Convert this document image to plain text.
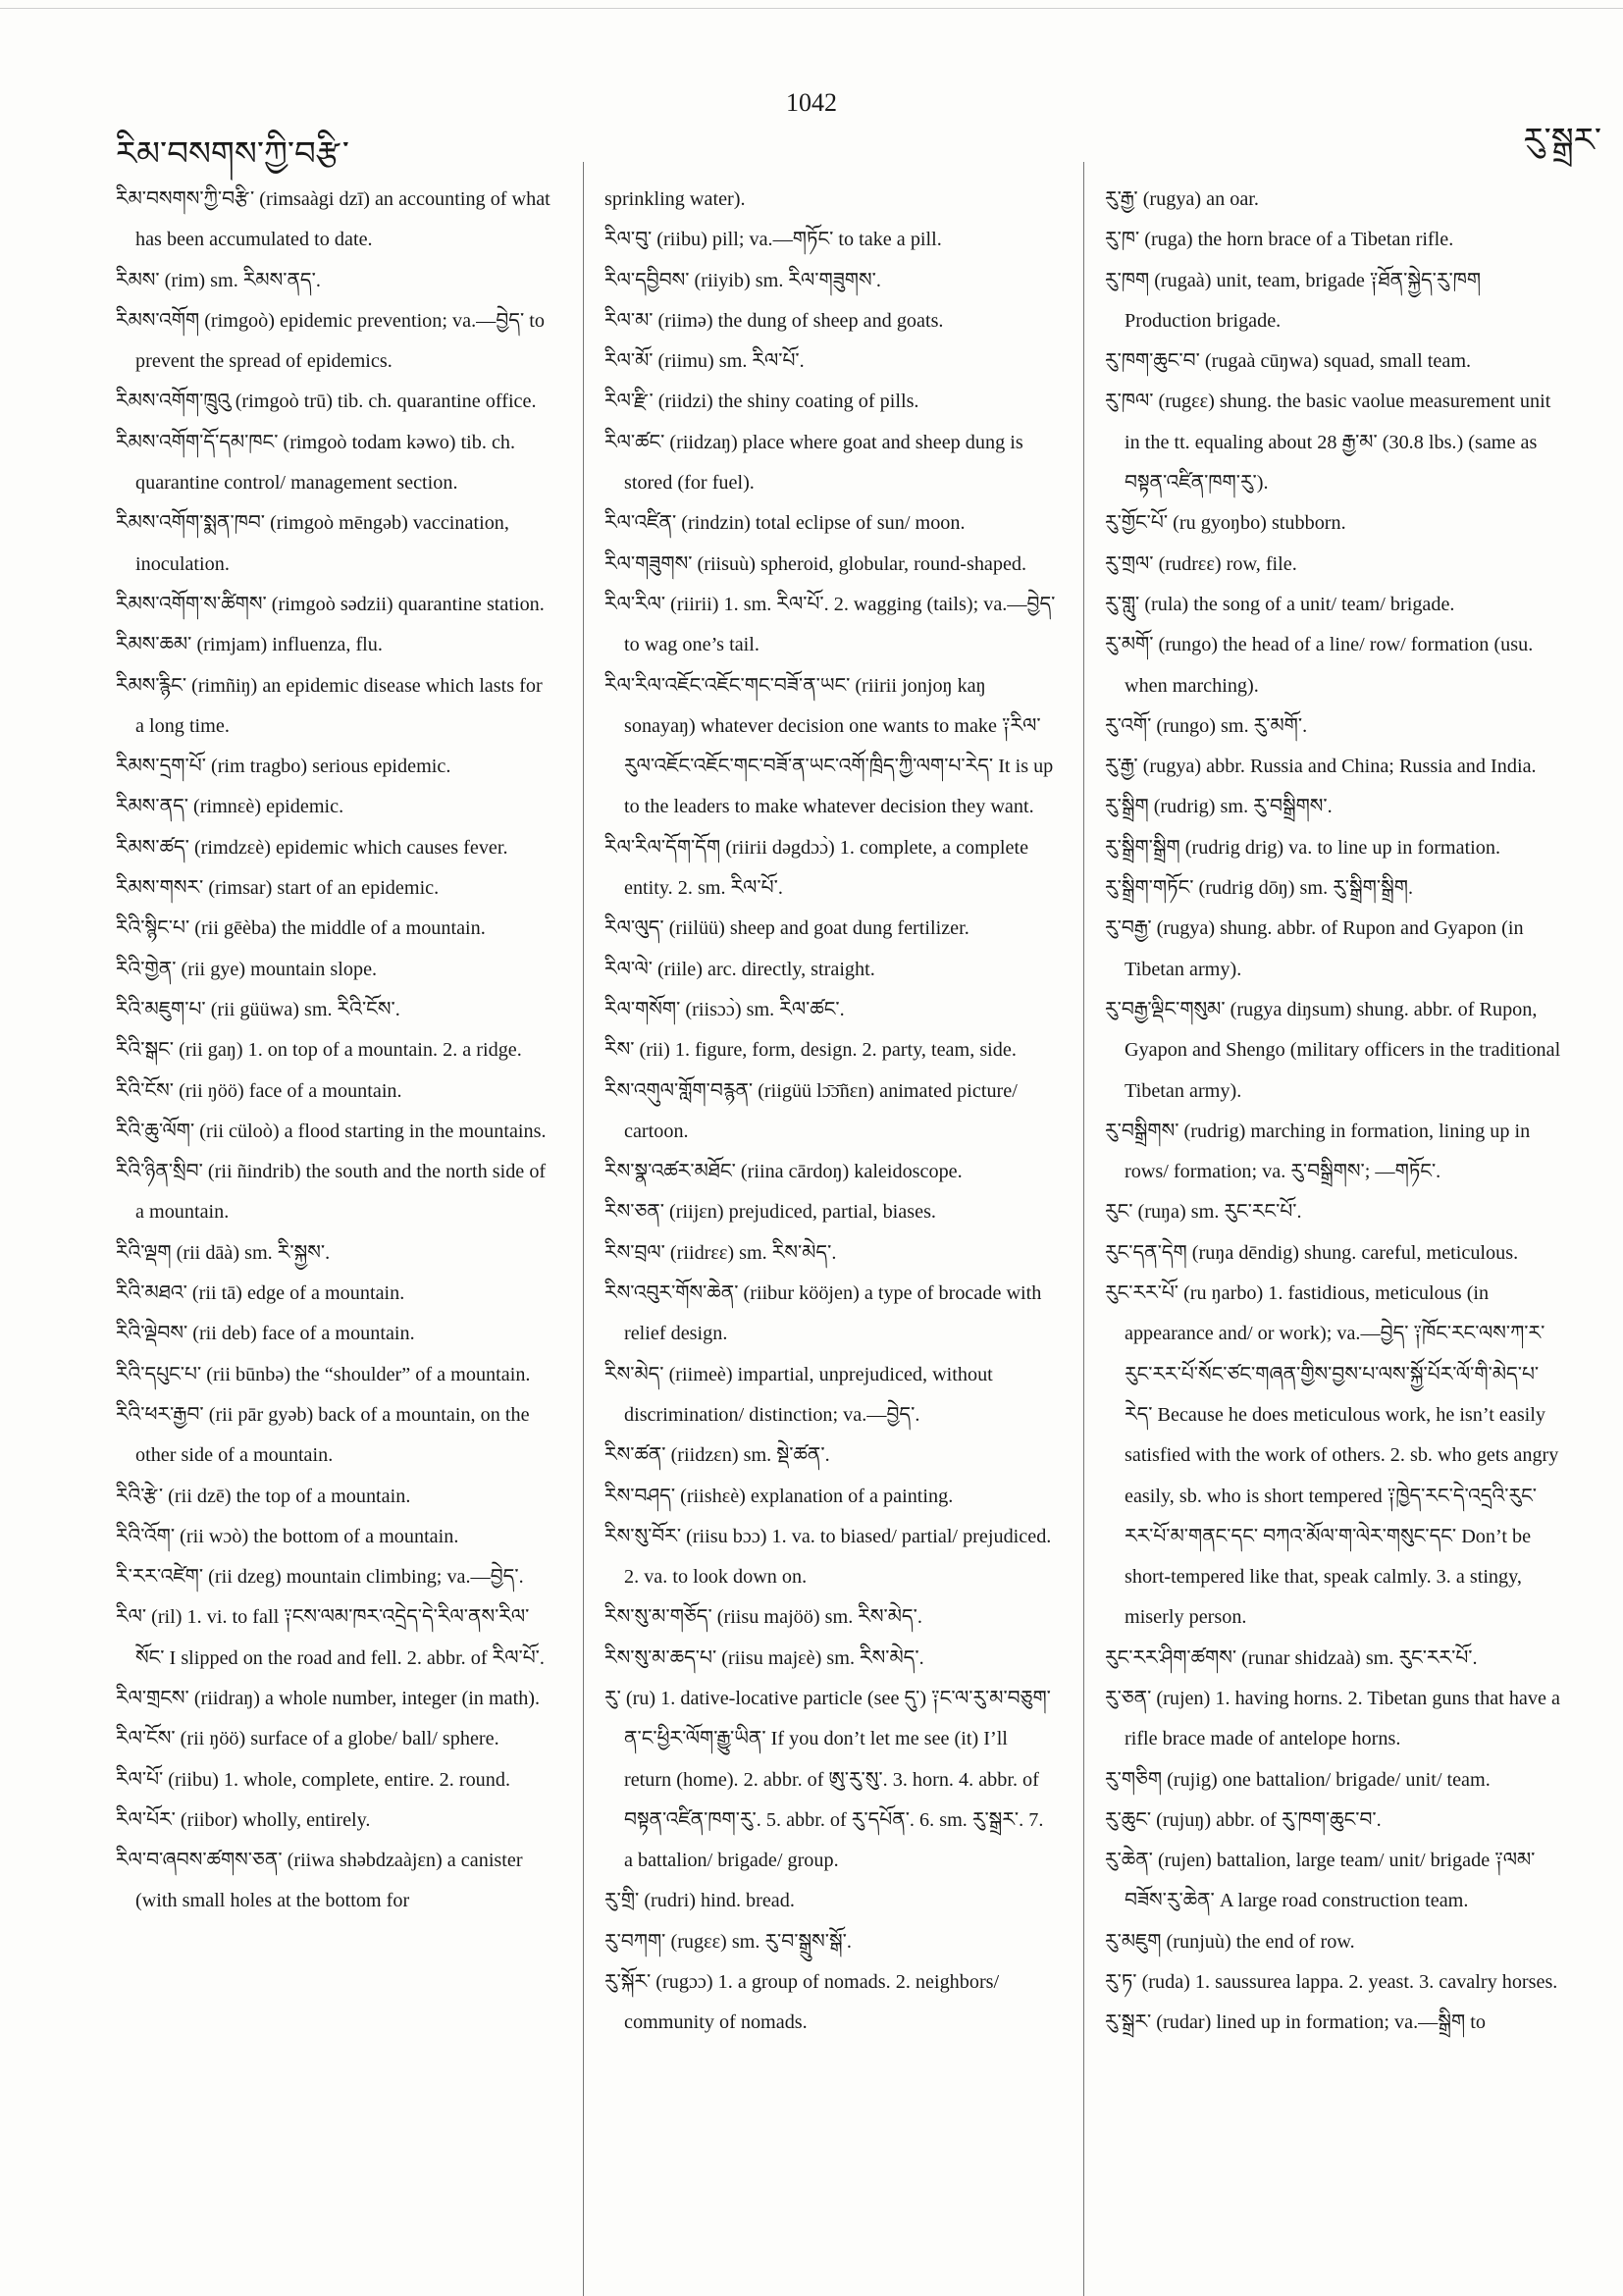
རིམ་བསགས་ཀྱི་བརྩི་
1042
རུ་སྒྲར་

རིམ་བསགས་ཀྱི་བརྩི་ (rimsaàgi dzī) an accounting of what has been accumulated to date.

རིམས་ (rim) sm. རིམས་ནད་.

རིམས་འགོག (rimgoò) epidemic prevention; va.—བྱེད་ to prevent the spread of epidemics.

རིམས་འགོག་ཁྲུའུ (rimgoò trū) tib. ch. quarantine office.

རིམས་འགོག་དོ་དམ་ཁང་ (rimgoò todam kəwo) tib. ch. quarantine control/ management section.

རིམས་འགོག་སྨན་ཁབ་ (rimgoò mēngəb) vaccination, inoculation.

རིམས་འགོག་ས་ཚིགས་ (rimgoò sədzii) quarantine station.

རིམས་ཆམ་ (rimjam) influenza, flu.

རིམས་རྙིང་ (rimñiŋ) an epidemic disease which lasts for a long time.

རིམས་དྲག་པོ་ (rim tragbo) serious epidemic.

རིམས་ནད་ (rimnεè) epidemic.

རིམས་ཚད་ (rimdzεè) epidemic which causes fever.

རིམས་གསར་ (rimsar) start of an epidemic.

རིའི་སྙིང་པ་ (rii gēèba) the middle of a mountain.

རིའི་གྱེན་ (rii gye) mountain slope.

རིའི་མཇུག་པ་ (rii güüwa) sm. རིའི་ངོས་.

རིའི་སྒང་ (rii gaŋ) 1. on top of a mountain. 2. a ridge.

རིའི་ངོས་ (rii ŋöö) face of a mountain.

རིའི་ཆུ་ལོག་ (rii cüloò) a flood starting in the mountains.

རིའི་ཉིན་སྲིབ་ (rii ñindrib) the south and the north side of a mountain.

རིའི་ལྡག (rii dāà) sm. རི་སྐྱས་.

རིའི་མཐའ་ (rii tā) edge of a mountain.

རིའི་ལྡེབས་ (rii deb) face of a mountain.

རིའི་དཔུང་པ་ (rii būnbə) the “shoulder” of a mountain.

རིའི་ཕར་རྒྱབ་ (rii pār gyəb) back of a mountain, on the other side of a mountain.

རིའི་རྩེ་ (rii dzē) the top of a mountain.

རིའི་འོག་ (rii wɔò) the bottom of a mountain.

རི་རར་འཛེག་ (rii dzeg) mountain climbing; va.—བྱེད་.

རིལ་ (ril) 1. vi. to fall ༑ངས་ལམ་ཁར་འདྲེད་དེ་རིལ་ནས་རིལ་སོང་ I slipped on the road and fell. 2. abbr. of རིལ་པོ་.

རིལ་གྲངས་ (riidraŋ) a whole number, integer (in math).

རིལ་ངོས་ (rii ŋöö) surface of a globe/ ball/ sphere.

རིལ་པོ་ (riibu) 1. whole, complete, entire. 2. round.

རིལ་པོར་ (riibor) wholly, entirely.

རིལ་བ་ཞབས་ཚགས་ཅན་ (riiwa shəbdzaàjεn) a canister (with small holes at the bottom for

sprinkling water).

རིལ་བུ་ (riibu) pill; va.—གཏོང་ to take a pill.

རིལ་དབྱིབས་ (riiyib) sm. རིལ་གཟུགས་.

རིལ་མ་ (riimə) the dung of sheep and goats.

རིལ་མོ་ (riimu) sm. རིལ་པོ་.

རིལ་རྫི་ (riidzi) the shiny coating of pills.

རིལ་ཚང་ (riidzaŋ) place where goat and sheep dung is stored (for fuel).

རིལ་འཛིན་ (rindzin) total eclipse of sun/ moon.

རིལ་གཟུགས་ (riisuù) spheroid, globular, round-shaped.

རིལ་རིལ་ (riirii) 1. sm. རིལ་པོ་. 2. wagging (tails); va.—བྱེད་ to wag one’s tail.

རིལ་རིལ་འཇོང་འཇོང་གང་བཟོ་ན་ཡང་ (riirii jonjoŋ kaŋ sonayaŋ) whatever decision one wants to make ༑རིལ་རུལ་འཇོང་འཇོང་གང་བཟོ་ན་ཡང་འགོ་ཁྲིད་ཀྱི་ལག་པ་རེད་ It is up to the leaders to make whatever decision they want.

རིལ་རིལ་དོག་དོག (riirii dəgdɔɔ̀) 1. complete, a complete entity. 2. sm. རིལ་པོ་.

རིལ་ལུད་ (riilüü) sheep and goat dung fertilizer.

རིལ་ལེ་ (riile) arc. directly, straight.

རིལ་གསོག་ (riisɔɔ̀) sm. རིལ་ཚང་.

རིས་ (rii) 1. figure, form, design. 2. party, team, side.

རིས་འགུལ་གློག་བརྙན་ (riigüü lɔ̄ɔ̄ñεn) animated picture/ cartoon.

རིས་སྣ་འཚར་མཐོང་ (riina cārdoŋ) kaleidoscope.

རིས་ཅན་ (riijεn) prejudiced, partial, biases.

རིས་བྲལ་ (riidrεε) sm. རིས་མེད་.

རིས་འབུར་གོས་ཆེན་ (riibur kööjen) a type of brocade with relief design.

རིས་མེད་ (riimeè) impartial, unprejudiced, without discrimination/ distinction; va.—བྱེད་.

རིས་ཚན་ (riidzεn) sm. སྡེ་ཚན་.

རིས་བཤད་ (riishεè) explanation of a painting.

རིས་སུ་བོར་ (riisu bɔɔ) 1. va. to biased/ partial/ prejudiced. 2. va. to look down on.

རིས་སུ་མ་གཅོད་ (riisu majöö) sm. རིས་མེད་.

རིས་སུ་མ་ཆད་པ་ (riisu majεè) sm. རིས་མེད་.

རུ་ (ru) 1. dative-locative particle (see དུ་) ༑ང་ལ་རུ་མ་བཅུག་ན་ང་ཕྱིར་ལོག་རྒྱུ་ཡིན་ If you don’t let me see (it) I’ll return (home). 2. abbr. of ཨུ་རུ་སུ་. 3. horn. 4. abbr. of བསྟན་འཛིན་ཁག་རུ་. 5. abbr. of རུ་དཔོན་. 6. sm. རུ་སྒྲར་. 7. a battalion/ brigade/ group.

རུ་གྲི་ (rudri) hind. bread.

རུ་བཀག་ (rugεε) sm. རུ་བ་སྒྲུས་སྒོ་.

རུ་སྐོར་ (rugɔɔ) 1. a group of nomads. 2. neighbors/ community of nomads.

རུ་རྒྱ་ (rugya) an oar.

རུ་ཁ་ (ruga) the horn brace of a Tibetan rifle.

རུ་ཁག (rugaà) unit, team, brigade ༑ཐོན་སྐྱེད་རུ་ཁག Production brigade.

རུ་ཁག་ཆུང་བ་ (rugaà cūŋwa) squad, small team.

རུ་ཁལ་ (rugεε) shung. the basic vaolue measurement unit in the tt. equaling about 28 རྒྱ་མ་ (30.8 lbs.) (same as བསྟན་འཛིན་ཁག་རུ་).

རུ་གྱོང་པོ་ (ru gyoŋbo) stubborn.

རུ་གྲལ་ (rudrεε) row, file.

རུ་གླུ་ (rula) the song of a unit/ team/ brigade.

རུ་མགོ་ (rungo) the head of a line/ row/ formation (usu. when marching).

རུ་འགོ་ (rungo) sm. རུ་མགོ་.

རུ་རྒྱ་ (rugya) abbr. Russia and China; Russia and India.

རུ་སྒྲིག (rudrig) sm. རུ་བསྒྲིགས་.

རུ་སྒྲིག་སྒྲིག (rudrig drig) va. to line up in formation.

རུ་སྒྲིག་གཏོང་ (rudrig dōŋ) sm. རུ་སྒྲིག་སྒྲིག.

རུ་བརྒྱ་ (rugya) shung. abbr. of Rupon and Gyapon (in Tibetan army).

རུ་བརྒྱ་ལྡིང་གསུམ་ (rugya diŋsum) shung. abbr. of Rupon, Gyapon and Shengo (military officers in the traditional Tibetan army).

རུ་བསྒྲིགས་ (rudrig) marching in formation, lining up in rows/ formation; va. རུ་བསྒྲིགས་; —གཏོང་.

རུང་ (ruŋa) sm. རུང་རང་པོ་.

རུང་དན་དེག (ruŋa dēndig) shung. careful, meticulous.

རུང་རར་པོ་ (ru ŋarbo) 1. fastidious, meticulous (in appearance and/ or work); va.—བྱེད་ ༑ཁོང་རང་ལས་ཀ་ར་རུང་རར་པོ་སོང་ཙང་གཞན་གྱིས་བྱས་པ་ལས་སྐྱོ་པོར་ལོ་གི་མེད་པ་རེད་ Because he does meticulous work, he isn’t easily satisfied with the work of others. 2. sb. who gets angry easily, sb. who is short tempered ༑ཁྱེད་རང་དེ་འདྲའི་རུང་རར་པོ་མ་གནང་དང་ བཀའ་མོལ་ག་ལེར་གསུང་དང་ Don’t be short-tempered like that, speak calmly. 3. a stingy, miserly person.

རུང་རར་ཤིག་ཚགས་ (runar shidzaà) sm. རུང་རར་པོ་.

རུ་ཅན་ (rujen) 1. having horns. 2. Tibetan guns that have a rifle brace made of antelope horns.

རུ་གཅིག (rujig) one battalion/ brigade/ unit/ team.

རུ་ཆུང་ (rujuŋ) abbr. of རུ་ཁག་ཆུང་བ་.

རུ་ཆེན་ (rujen) battalion, large team/ unit/ brigade ༑ལམ་བཟོས་རུ་ཆེན་ A large road construction team.

རུ་མཇུག (runjuù) the end of row.

རུ་ཏ་ (ruda) 1. saussurea lappa. 2. yeast. 3. cavalry horses.

རུ་སྒྲར་ (rudar) lined up in formation; va.—སྒྲིག to
